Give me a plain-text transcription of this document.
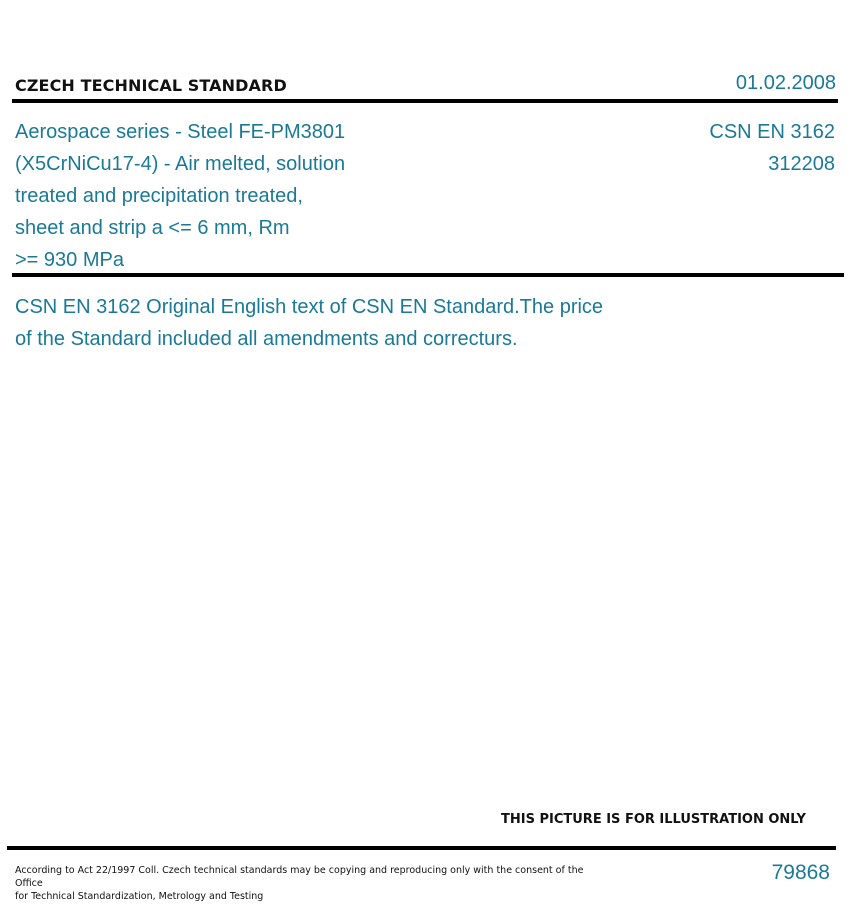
CZECH TECHNICAL STANDARD	01.02.2008
Aerospace series - Steel FE-PM3801
(X5CrNiCu17-4) - Air melted, solution
treated and precipitation treated,
sheet and strip a <= 6 mm, Rm
>= 930 MPa
CSN EN 3162
312208
CSN EN 3162 Original English text of CSN EN Standard.The price
of the Standard included all amendments and correcturs.
THIS PICTURE IS FOR ILLUSTRATION ONLY
According to Act 22/1997 Coll. Czech technical standards may be copying and reproducing only with the consent of the Office
for Technical Standardization, Metrology and Testing
79868
